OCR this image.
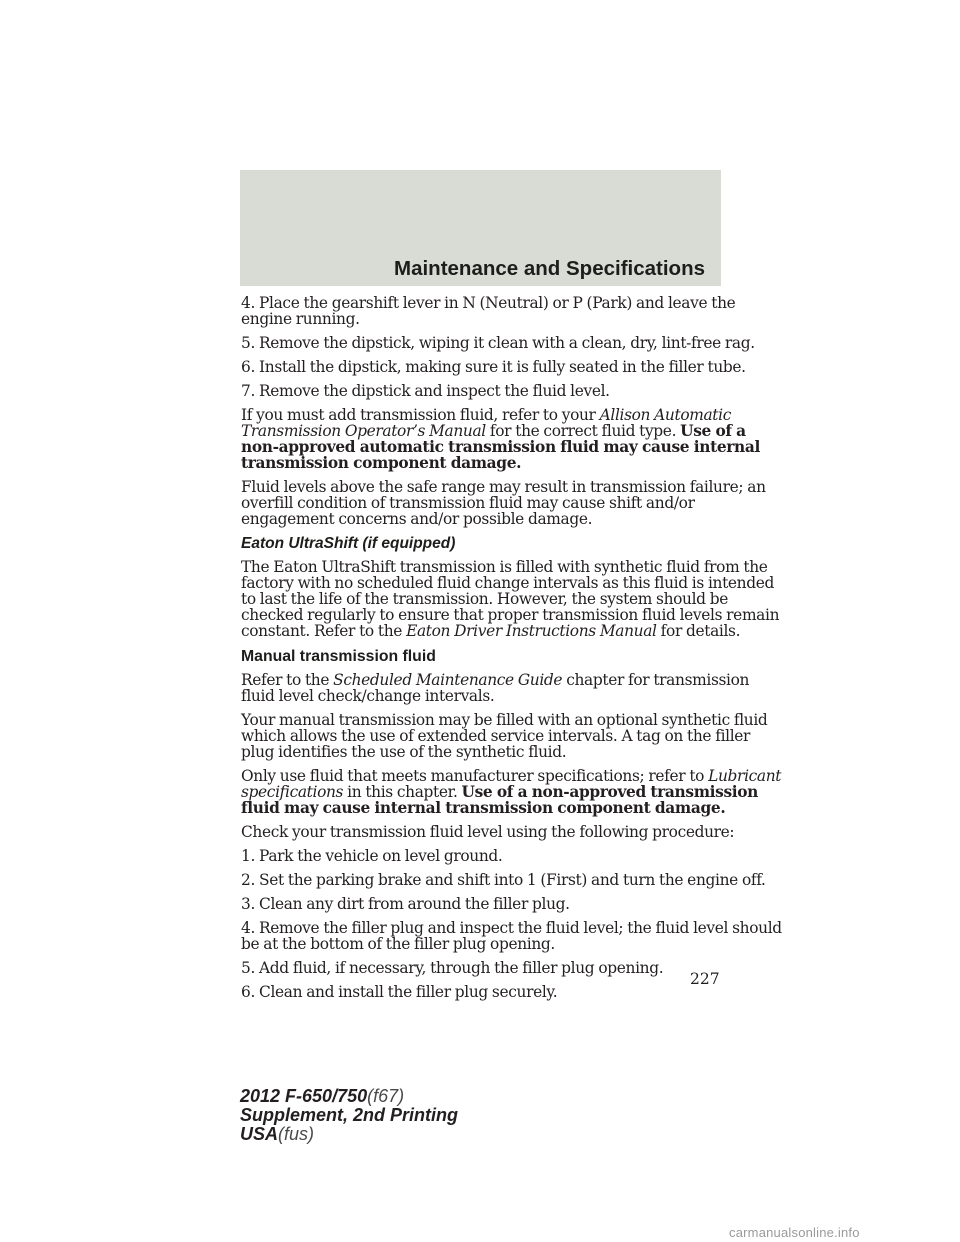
Maintenance and Specifications

4. Place the gearshift lever in N (Neutral) or P (Park) and leave the
engine running.

5. Remove the dipstick, wiping it clean with a clean, dry, lint-free rag.

6. Install the dipstick, making sure it is fully seated in the filler tube.

7. Remove the dipstick and inspect the fluid level.

If you must add transmission fluid, refer to your Allison Automatic
Transmission Operator’s Manual for the correct fluid type. Use of a
non-approved automatic transmission fluid may cause internal
transmission component damage.

Fluid levels above the safe range may result in transmission failure; an
overfill condition of transmission fluid may cause shift and/or
engagement concerns and/or possible damage.

Eaton UltraShift (if equipped)

The Eaton UltraShift transmission is filled with synthetic fluid from the
factory with no scheduled fluid change intervals as this fluid is intended
to last the life of the transmission. However, the system should be
checked regularly to ensure that proper transmission fluid levels remain
constant. Refer to the Eaton Driver Instructions Manual for details.

Manual transmission fluid

Refer to the Scheduled Maintenance Guide chapter for transmission
fluid level check/change intervals.

Your manual transmission may be filled with an optional synthetic fluid
which allows the use of extended service intervals. A tag on the filler
plug identifies the use of the synthetic fluid.

Only use fluid that meets manufacturer specifications; refer to Lubricant
specifications in this chapter. Use of a non-approved transmission
fluid may cause internal transmission component damage.

Check your transmission fluid level using the following procedure:

1. Park the vehicle on level ground.

2. Set the parking brake and shift into 1 (First) and turn the engine off.

3. Clean any dirt from around the filler plug.

4. Remove the filler plug and inspect the fluid level; the fluid level should
be at the bottom of the filler plug opening.

5. Add fluid, if necessary, through the filler plug opening.

6. Clean and install the filler plug securely.

227
2012 F-650/750(f67)
Supplement, 2nd Printing
USA(fus)
carmanualsonline.info
